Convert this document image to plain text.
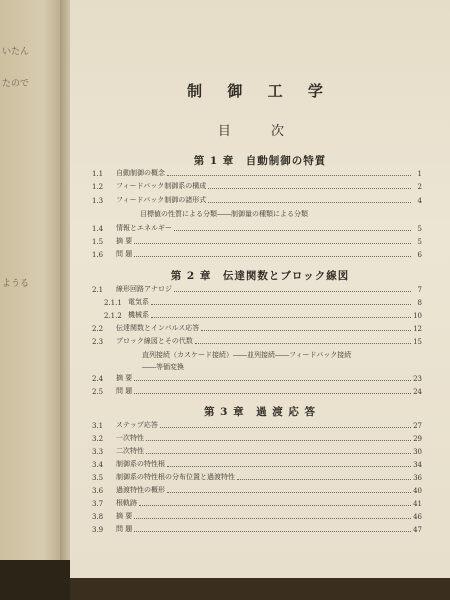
いたん
たので
ようる
制 御 工 学
目 次
第 1 章　自動制御の特質
1.1	自動制御の概念	1
1.2	フィードバック制御系の構成	2
1.3	フィードバック制御の諸形式	4
目標値の性質による分類――制御量の種類による分類
1.4	情報とエネルギー	5
1.5	摘 要	5
1.6	問 題	6
第 2 章　伝達関数とブロック線図
2.1	線形回路アナロジ	7
2.1.1 電気系	8
2.1.2 機械系	10
2.2	伝達関数とインパルス応答	12
2.3	ブロック線図とその代数	15
直列接続（カスケード接続）――並列接続――フィードバック接続
――等価変換
2.4	摘 要	23
2.5	問 題	24
第 3 章　過 渡 応 答
3.1	ステップ応答	27
3.2	一次特性	29
3.3	二次特性	30
3.4	制御系の特性根	34
3.5	制御系の特性根の分布位置と過渡特性	36
3.6	過渡特性の概形	40
3.7	根軌跡	41
3.8	摘 要	46
3.9	問 題	47
